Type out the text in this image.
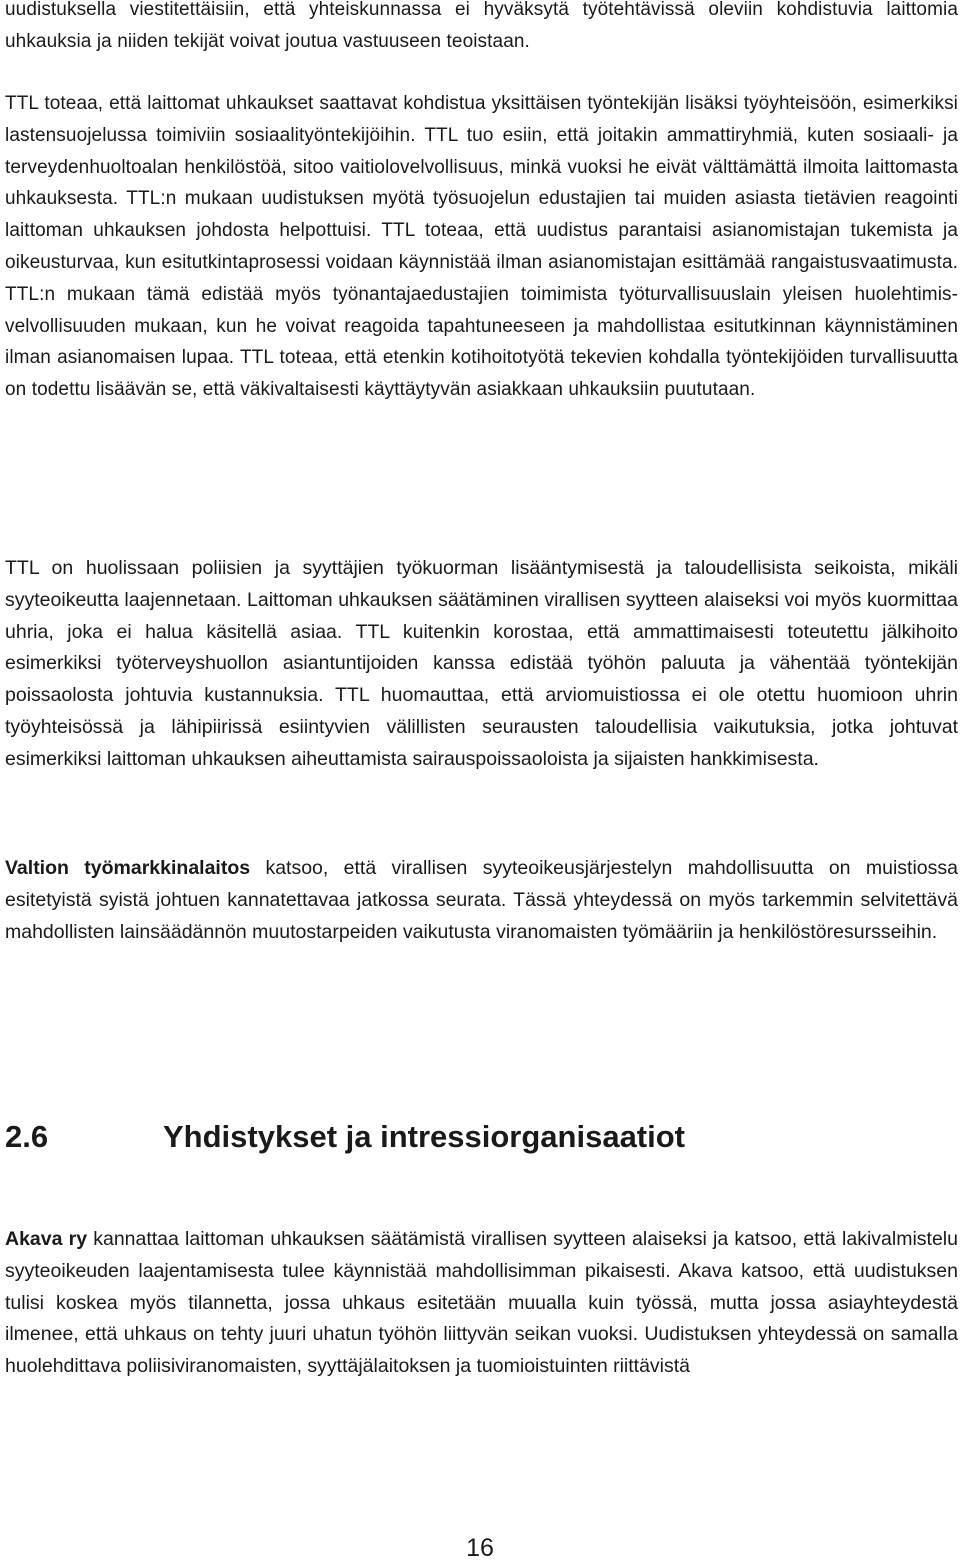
uudistuksella viestitettäisiin, että yhteiskunnassa ei hyväksytä työtehtävissä oleviin kohdistuvia laittomia uhkauksia ja niiden tekijät voivat joutua vastuuseen teoistaan.

TTL toteaa, että laittomat uhkaukset saattavat kohdistua yksittäisen työntekijän lisäksi työyhteisöön, esimerkiksi lastensuojelussa toimiviin sosiaalityöntekijöihin. TTL tuo esiin, että joitakin ammattiryhmiä, kuten sosiaali- ja terveydenhuoltoalan henkilöstöä, sitoo vaitiolovelvollisuus, minkä vuoksi he eivät välttämättä ilmoita laittomasta uhkauksesta. TTL:n mukaan uudistuksen myötä työsuojelun edustajien tai muiden asiasta tietävien reagointi laittoman uhkauksen johdosta helpottuisi. TTL toteaa, että uudistus parantaisi asianomistajan tukemista ja oikeusturvaa, kun esitutkintaprosessi voidaan käynnistää ilman asianomistajan esittämää rangaistusvaatimusta. TTL:n mukaan tämä edistää myös työnantajaedustajien toimimista työturvallisuuslain yleisen huolehtimisvelvollisuuden mukaan, kun he voivat reagoida tapahtuneeseen ja mahdollistaa esitutkinnan käynnistäminen ilman asianomaisen lupaa. TTL toteaa, että etenkin kotihoitotyötä tekevien kohdalla työntekijöiden turvallisuutta on todettu lisäävän se, että väkivaltaisesti käyttäytyvän asiakkaan uhkauksiin puututaan.

TTL on huolissaan poliisien ja syyttäjien työkuorman lisääntymisestä ja taloudellisista seikoista, mikäli syyteoikeutta laajennetaan. Laittoman uhkauksen säätäminen virallisen syytteen alaiseksi voi myös kuormittaa uhria, joka ei halua käsitellä asiaa. TTL kuitenkin korostaa, että ammattimaisesti toteutettu jälkihoito esimerkiksi työterveyshuollon asiantuntijoiden kanssa edistää työhön paluuta ja vähentää työntekijän poissaolosta johtuvia kustannuksia. TTL huomauttaa, että arviomuistiossa ei ole otettu huomioon uhrin työyhteisössä ja lähipiirissä esiintyvien välillisten seurausten taloudellisia vaikutuksia, jotka johtuvat esimerkiksi laittoman uhkauksen aiheuttamista sairauspoissaoloista ja sijaisten hankkimisesta.

Valtion työmarkkinalaitos katsoo, että virallisen syyteoikeusjärjestelyn mahdollisuutta on muistiossa esitetyistä syistä johtuen kannatettavaa jatkossa seurata. Tässä yhteydessä on myös tarkemmin selvitettävä mahdollisten lainsäädännön muutostarpeiden vaikutusta viranomaisten työmääriin ja henkilöstöresursseihin.

2.6	Yhdistykset ja intressiorganisaatiot

Akava ry kannattaa laittoman uhkauksen säätämistä virallisen syytteen alaiseksi ja katsoo, että lakivalmistelu syyteoikeuden laajentamisesta tulee käynnistää mahdollisimman pikaisesti. Akava katsoo, että uudistuksen tulisi koskea myös tilannetta, jossa uhkaus esitetään muualla kuin työssä, mutta jossa asiayhteydestä ilmenee, että uhkaus on tehty juuri uhatun työhön liittyvän seikan vuoksi. Uudistuksen yhteydessä on samalla huolehdittava poliisiviranomaisten, syyttäjälaitoksen ja tuomioistuinten riittävistä

16
